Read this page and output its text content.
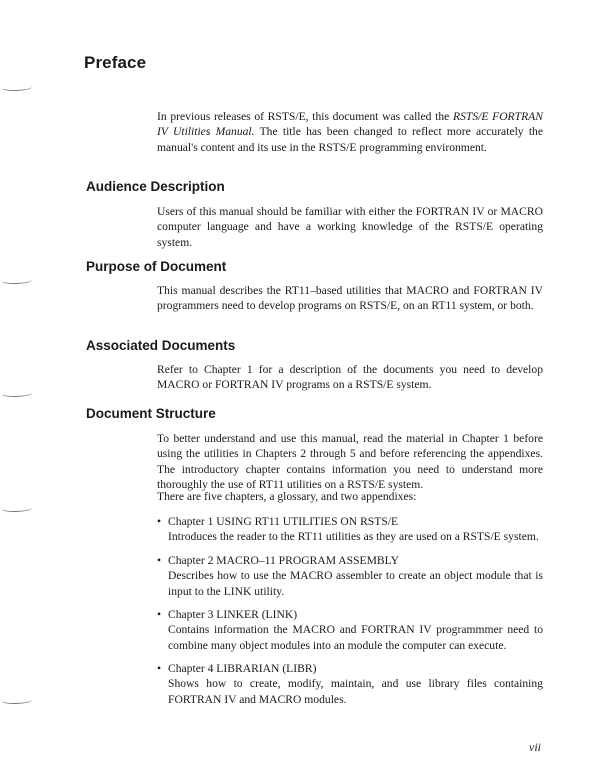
Preface

In previous releases of RSTS/E, this document was called the RSTS/E FORTRAN IV Utilities Manual. The title has been changed to reflect more accurately the manual's content and its use in the RSTS/E programming environment.

Audience Description

Users of this manual should be familiar with either the FORTRAN IV or MACRO computer language and have a working knowledge of the RSTS/E operating system.

Purpose of Document

This manual describes the RT11–based utilities that MACRO and FORTRAN IV programmers need to develop programs on RSTS/E, on an RT11 system, or both.

Associated Documents

Refer to Chapter 1 for a description of the documents you need to develop MACRO or FORTRAN IV programs on a RSTS/E system.

Document Structure

To better understand and use this manual, read the material in Chapter 1 before using the utilities in Chapters 2 through 5 and before referencing the appendixes. The introductory chapter contains information you need to understand more thoroughly the use of RT11 utilities on a RSTS/E system.

There are five chapters, a glossary, and two appendixes:

• Chapter 1 USING RT11 UTILITIES ON RSTS/E
Introduces the reader to the RT11 utilities as they are used on a RSTS/E system.
• Chapter 2 MACRO–11 PROGRAM ASSEMBLY
Describes how to use the MACRO assembler to create an object module that is input to the LINK utility.
• Chapter 3 LINKER (LINK)
Contains information the MACRO and FORTRAN IV programmmer need to combine many object modules into an module the computer can execute.
• Chapter 4 LIBRARIAN (LIBR)
Shows how to create, modify, maintain, and use library files containing FORTRAN IV and MACRO modules.
vii
